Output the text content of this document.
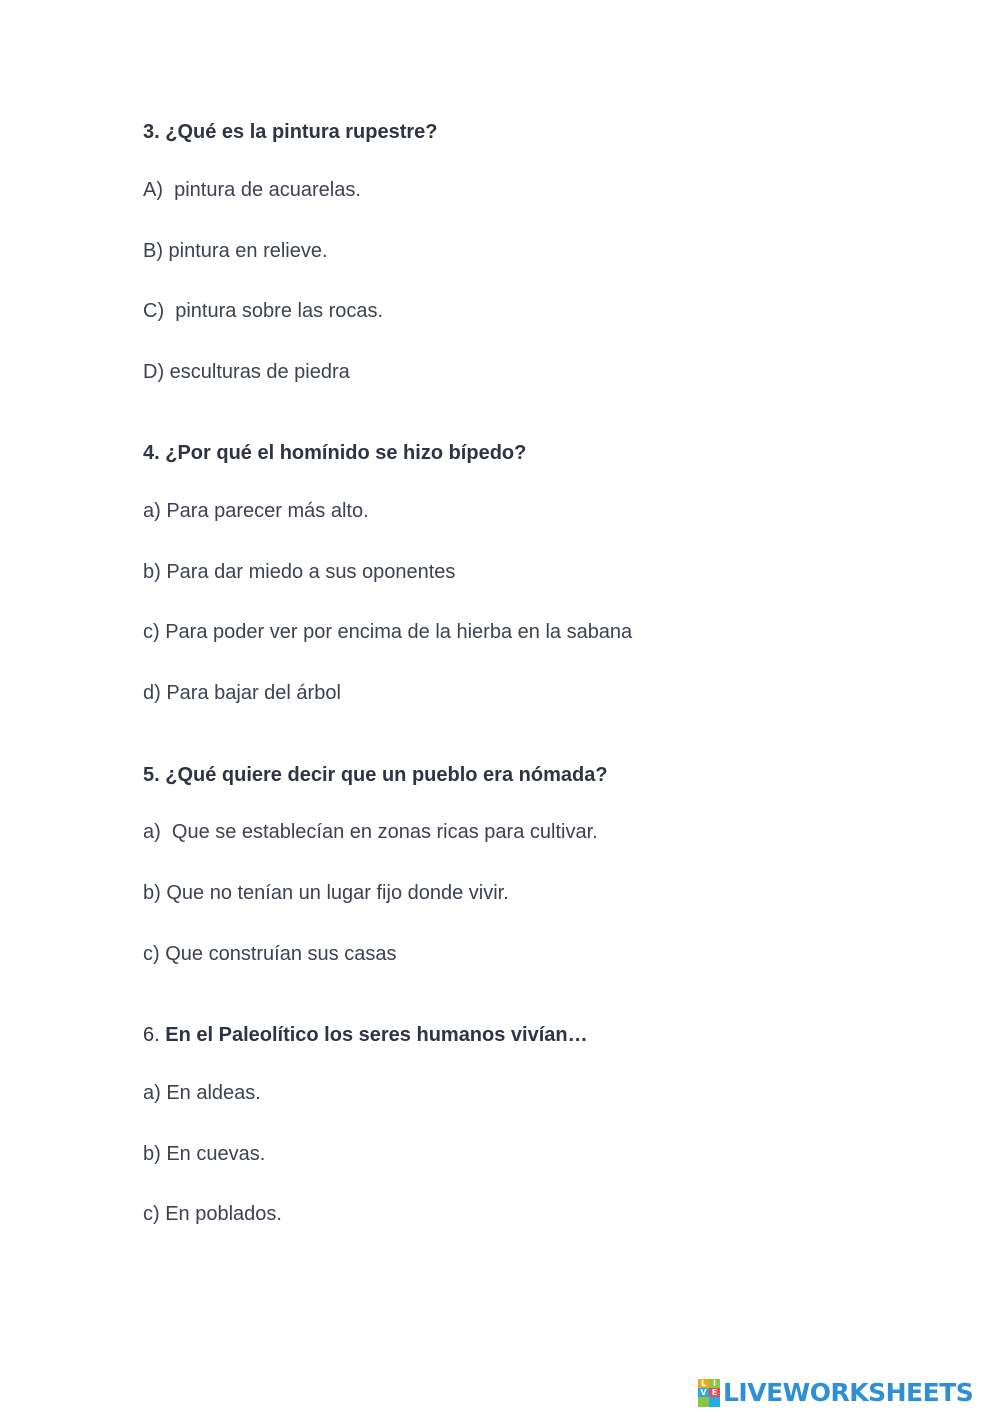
3. ¿Qué es la pintura rupestre?
A)  pintura de acuarelas.
B) pintura en relieve.
C)  pintura sobre las rocas.
D) esculturas de piedra
4. ¿Por qué el homínido se hizo bípedo?
a) Para parecer más alto.
b) Para dar miedo a sus oponentes
c) Para poder ver por encima de la hierba en la sabana
d) Para bajar del árbol
5. ¿Qué quiere decir que un pueblo era nómada?
a)  Que se establecían en zonas ricas para cultivar.
b) Que no tenían un lugar fijo donde vivir.
c) Que construían sus casas
6. En el Paleolítico los seres humanos vivían…
a) En aldeas.
b) En cuevas.
c) En poblados.
L I
V E LIVEWORKSHEETS
